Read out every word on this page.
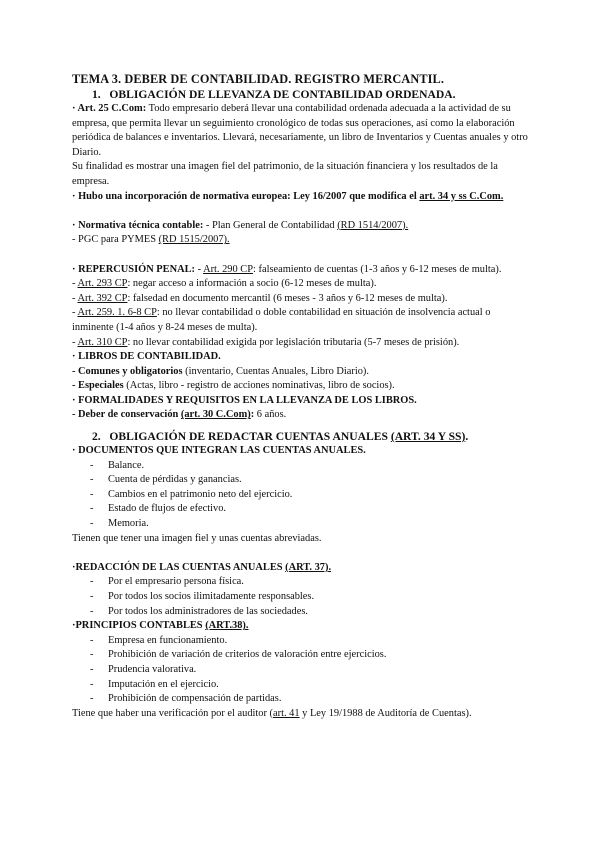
TEMA 3. DEBER DE CONTABILIDAD. REGISTRO MERCANTIL.
1. OBLIGACIÓN DE LLEVANZA DE CONTABILIDAD ORDENADA.

· Art. 25 C.Com: Todo empresario deberá llevar una contabilidad ordenada adecuada a la actividad de su empresa, que permita llevar un seguimiento cronológico de todas sus operaciones, así como la elaboración periódica de balances e inventarios. Llevará, necesariamente, un libro de Inventarios y Cuentas anuales y otro Diario.

Su finalidad es mostrar una imagen fiel del patrimonio, de la situación financiera y los resultados de la empresa.

· Hubo una incorporación de normativa europea: Ley 16/2007 que modifica el art. 34 y ss C.Com.

· Normativa técnica contable: - Plan General de Contabilidad (RD 1514/2007).

- PGC para PYMES (RD 1515/2007).

· REPERCUSIÓN PENAL: - Art. 290 CP: falseamiento de cuentas (1-3 años y 6-12 meses de multa).

- Art. 293 CP: negar acceso a información a socio (6-12 meses de multa).

- Art. 392 CP: falsedad en documento mercantil (6 meses - 3 años y 6-12 meses de multa).

- Art. 259. 1. 6-8 CP: no llevar contabilidad o doble contabilidad en situación de insolvencia actual o inminente (1-4 años y 8-24 meses de multa).

- Art. 310 CP: no llevar contabilidad exigida por legislación tributaria (5-7 meses de prisión).

· LIBROS DE CONTABILIDAD.

- Comunes y obligatorios (inventario, Cuentas Anuales, Libro Diario).

- Especiales (Actas, libro - registro de acciones nominativas, libro de socios).

· FORMALIDADES Y REQUISITOS EN LA LLEVANZA DE LOS LIBROS.

- Deber de conservación (art. 30 C.Com): 6 años.

2. OBLIGACIÓN DE REDACTAR CUENTAS ANUALES (ART. 34 Y SS).

· DOCUMENTOS QUE INTEGRAN LAS CUENTAS ANUALES.

- Balance.
- Cuenta de pérdidas y ganancias.
- Cambios en el patrimonio neto del ejercicio.
- Estado de flujos de efectivo.
- Memoria.

Tienen que tener una imagen fiel y unas cuentas abreviadas.

·REDACCIÓN DE LAS CUENTAS ANUALES (ART. 37).

- Por el empresario persona física.
- Por todos los socios ilimitadamente responsables.
- Por todos los administradores de las sociedades.

·PRINCIPIOS CONTABLES (ART.38).

- Empresa en funcionamiento.
- Prohibición de variación de criterios de valoración entre ejercicios.
- Prudencia valorativa.
- Imputación en el ejercicio.
- Prohibición de compensación de partidas.

Tiene que haber una verificación por el auditor (art. 41 y Ley 19/1988 de Auditoría de Cuentas).
